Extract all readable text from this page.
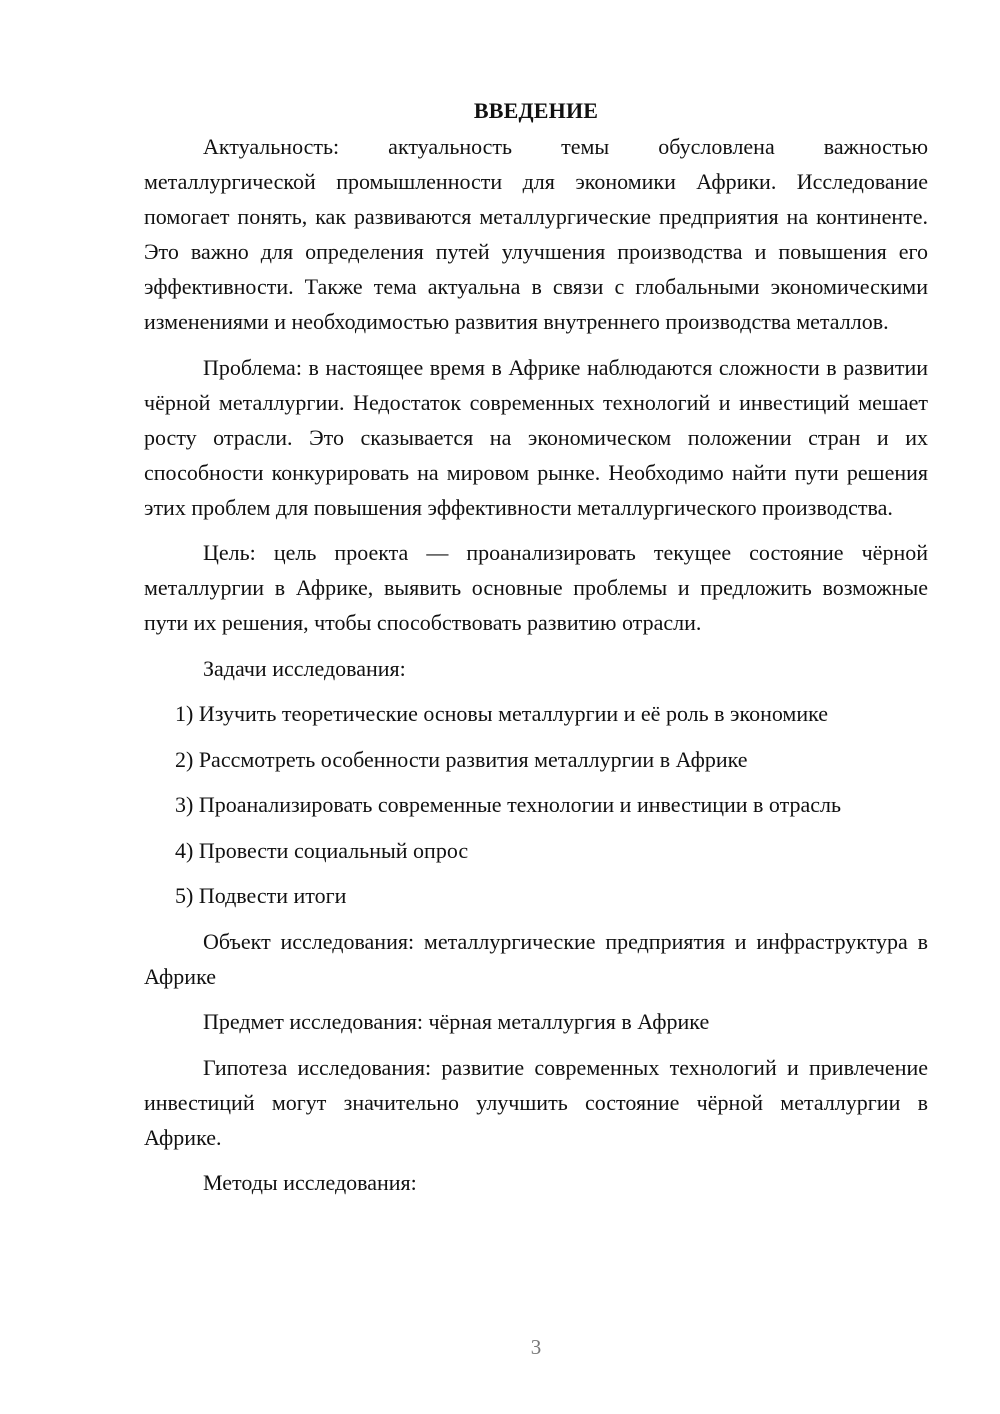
ВВЕДЕНИЕ

Актуальность: актуальность темы обусловлена важностью металлургической промышленности для экономики Африки. Исследование помогает понять, как развиваются металлургические предприятия на континенте. Это важно для определения путей улучшения производства и повышения его эффективности. Также тема актуальна в связи с глобальными экономическими изменениями и необходимостью развития внутреннего производства металлов.

Проблема: в настоящее время в Африке наблюдаются сложности в развитии чёрной металлургии. Недостаток современных технологий и инвестиций мешает росту отрасли. Это сказывается на экономическом положении стран и их способности конкурировать на мировом рынке. Необходимо найти пути решения этих проблем для повышения эффективности металлургического производства.

Цель: цель проекта — проанализировать текущее состояние чёрной металлургии в Африке, выявить основные проблемы и предложить возможные пути их решения, чтобы способствовать развитию отрасли.

Задачи исследования:

1) Изучить теоретические основы металлургии и её роль в экономике
2) Рассмотреть особенности развития металлургии в Африке
3) Проанализировать современные технологии и инвестиции в отрасль
4) Провести социальный опрос
5) Подвести итоги

Объект исследования: металлургические предприятия и инфраструктура в Африке

Предмет исследования: чёрная металлургия в Африке

Гипотеза исследования: развитие современных технологий и привлечение инвестиций могут значительно улучшить состояние чёрной металлургии в Африке.

Методы исследования:

3
